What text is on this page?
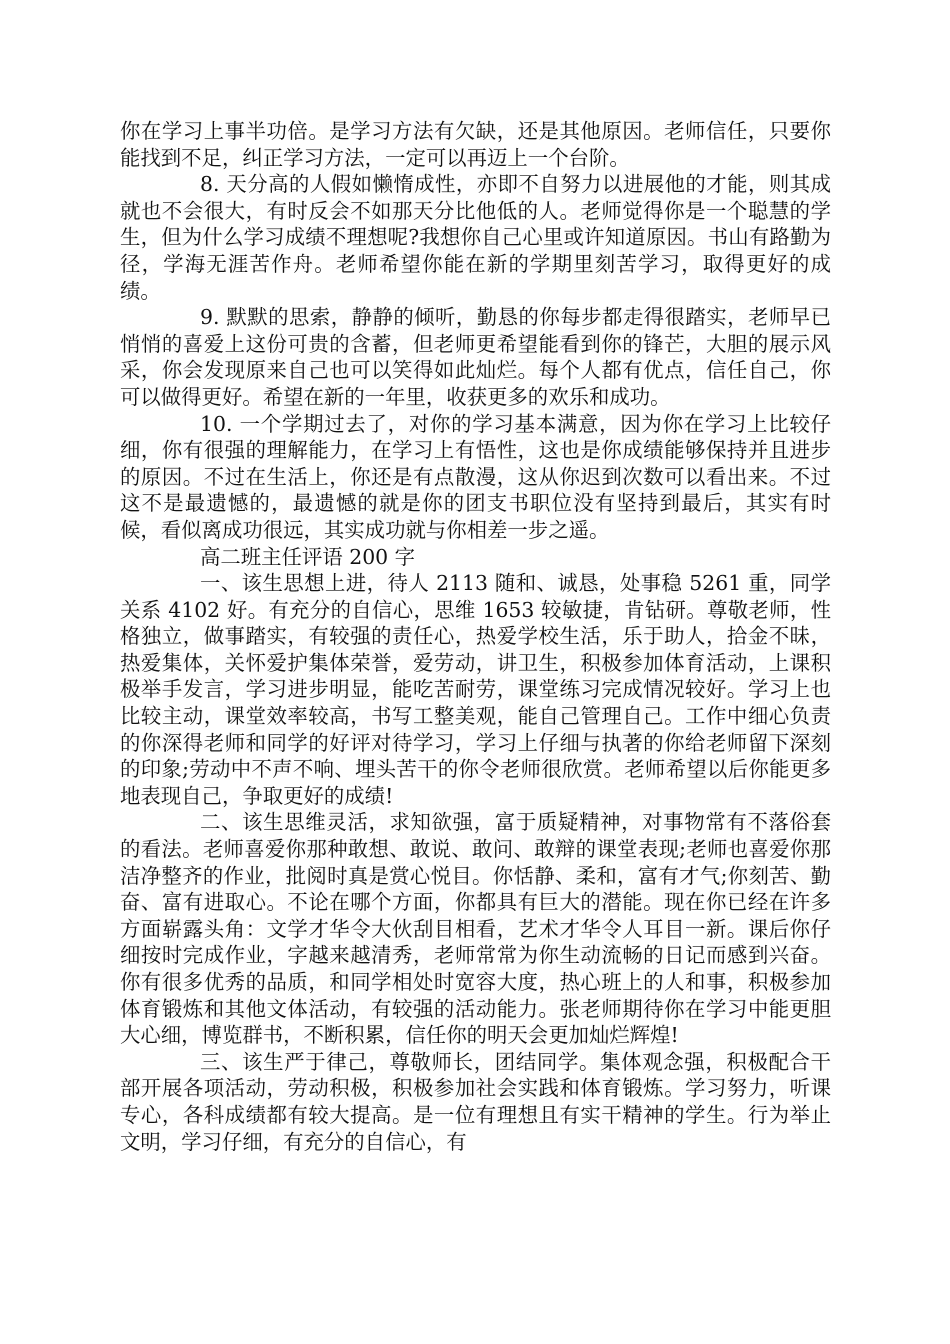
你在学习上事半功倍。是学习方法有欠缺，还是其他原因。老师信任，只要你能找到不足，纠正学习方法，一定可以再迈上一个台阶。

8. 天分高的人假如懒惰成性，亦即不自努力以进展他的才能，则其成就也不会很大，有时反会不如那天分比他低的人。老师觉得你是一个聪慧的学生，但为什么学习成绩不理想呢?我想你自己心里或许知道原因。书山有路勤为径，学海无涯苦作舟。老师希望你能在新的学期里刻苦学习，取得更好的成绩。

9. 默默的思索，静静的倾听，勤恳的你每步都走得很踏实，老师早已悄悄的喜爱上这份可贵的含蓄，但老师更希望能看到你的锋芒，大胆的展示风采，你会发现原来自己也可以笑得如此灿烂。每个人都有优点，信任自己，你可以做得更好。希望在新的一年里，收获更多的欢乐和成功。

10. 一个学期过去了，对你的学习基本满意，因为你在学习上比较仔细，你有很强的理解能力，在学习上有悟性，这也是你成绩能够保持并且进步的原因。不过在生活上，你还是有点散漫，这从你迟到次数可以看出来。不过这不是最遗憾的，最遗憾的就是你的团支书职位没有坚持到最后，其实有时候，看似离成功很远，其实成功就与你相差一步之遥。

高二班主任评语 200 字

一、该生思想上进，待人 2113 随和、诚恳，处事稳 5261 重，同学关系 4102 好。有充分的自信心，思维 1653 较敏捷，肯钻研。尊敬老师，性格独立，做事踏实，有较强的责任心，热爱学校生活，乐于助人，拾金不昧，热爱集体，关怀爱护集体荣誉，爱劳动，讲卫生，积极参加体育活动，上课积极举手发言，学习进步明显，能吃苦耐劳，课堂练习完成情况较好。学习上也比较主动，课堂效率较高，书写工整美观，能自己管理自己。工作中细心负责的你深得老师和同学的好评对待学习，学习上仔细与执著的你给老师留下深刻的印象;劳动中不声不响、埋头苦干的你令老师很欣赏。老师希望以后你能更多地表现自己，争取更好的成绩!

二、该生思维灵活，求知欲强，富于质疑精神，对事物常有不落俗套的看法。老师喜爱你那种敢想、敢说、敢问、敢辩的课堂表现;老师也喜爱你那洁净整齐的作业，批阅时真是赏心悦目。你恬静、柔和，富有才气;你刻苦、勤奋、富有进取心。不论在哪个方面，你都具有巨大的潜能。现在你已经在许多方面崭露头角：文学才华令大伙刮目相看，艺术才华令人耳目一新。课后你仔细按时完成作业，字越来越清秀，老师常常为你生动流畅的日记而感到兴奋。你有很多优秀的品质，和同学相处时宽容大度，热心班上的人和事，积极参加体育锻炼和其他文体活动，有较强的活动能力。张老师期待你在学习中能更胆大心细，博览群书，不断积累，信任你的明天会更加灿烂辉煌!

三、该生严于律己，尊敬师长，团结同学。集体观念强，积极配合干部开展各项活动，劳动积极，积极参加社会实践和体育锻炼。学习努力，听课专心，各科成绩都有较大提高。是一位有理想且有实干精神的学生。行为举止文明，学习仔细，有充分的自信心，有
